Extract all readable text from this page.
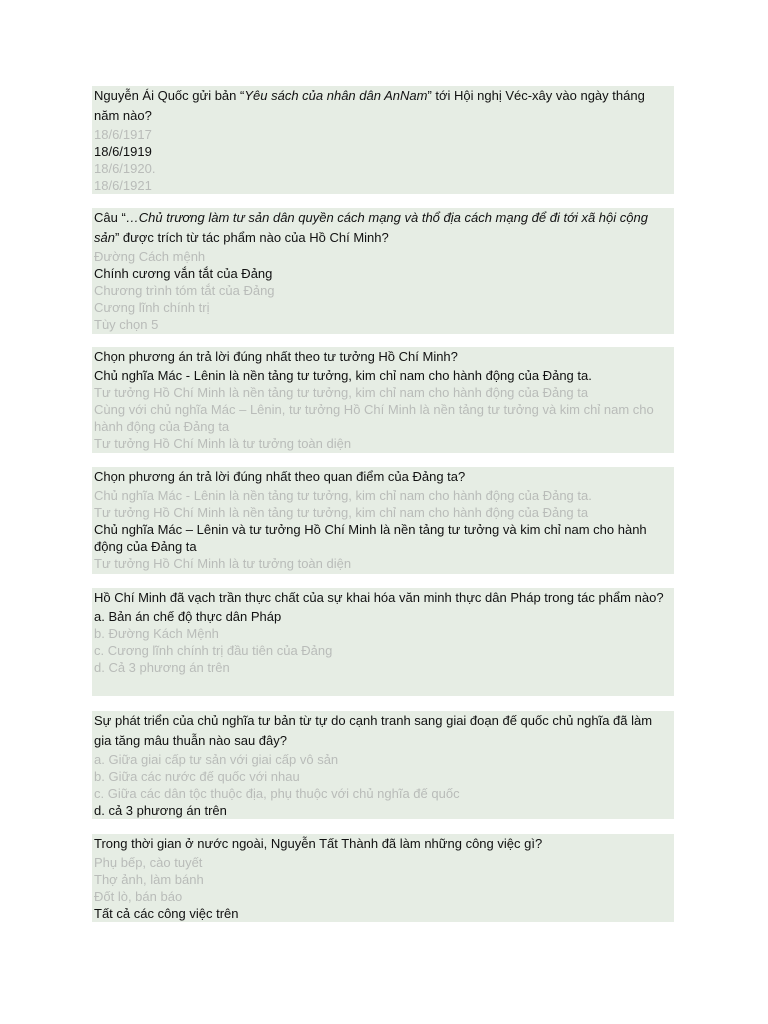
Nguyễn Ái Quốc gửi bản “Yêu sách của nhân dân AnNam” tới Hội nghị Véc-xây vào ngày tháng năm nào?

18/6/1917

18/6/1919

18/6/1920.

18/6/1921

Câu “…Chủ trương làm tư sản dân quyền cách mạng và thổ địa cách mạng để đi tới xã hội cộng sản” được trích từ tác phẩm nào của Hồ Chí Minh?

Đường Cách mệnh

Chính cương vắn tắt của Đảng

Chương trình tóm tắt của Đảng

Cương lĩnh chính trị

Tùy chọn 5

Chọn phương án trả lời đúng nhất theo tư tưởng Hồ Chí Minh?

Chủ nghĩa Mác - Lênin là nền tảng tư tưởng, kim chỉ nam cho hành động của Đảng ta.

Tư tưởng Hồ Chí Minh là nền tảng tư tưởng, kim chỉ nam cho hành động của Đảng ta

Cùng với chủ nghĩa Mác – Lênin, tư tưởng Hồ Chí Minh là nền tảng tư tưởng và kim chỉ nam cho hành động của Đảng ta

Tư tưởng Hồ Chí Minh là tư tưởng toàn diện

Chọn phương án trả lời đúng nhất theo quan điểm của Đảng ta?

Chủ nghĩa Mác - Lênin là nền tảng tư tưởng, kim chỉ nam cho hành động của Đảng ta.

Tư tưởng Hồ Chí Minh là nền tảng tư tưởng, kim chỉ nam cho hành động của Đảng ta

Chủ nghĩa Mác – Lênin và tư tưởng Hồ Chí Minh là nền tảng tư tưởng và kim chỉ nam cho hành động của Đảng ta

Tư tưởng Hồ Chí Minh là tư tưởng toàn diện

Hồ Chí Minh đã vạch trần thực chất của sự khai hóa văn minh thực dân Pháp trong tác phẩm nào?

a. Bản án chế độ thực dân Pháp

b. Đường Kách Mệnh

c. Cương lĩnh chính trị đầu tiên của Đảng

d. Cả 3 phương án trên

Sự phát triển của chủ nghĩa tư bản từ tự do cạnh tranh sang giai đoạn đế quốc chủ nghĩa đã làm gia tăng mâu thuẫn nào sau đây?

a. Giữa giai cấp tư sản với giai cấp vô sản

b. Giữa các nước đế quốc với nhau

c. Giữa các dân tộc thuộc địa, phụ thuộc với chủ nghĩa đế quốc

d. cả 3 phương án trên

Trong thời gian ở nước ngoài, Nguyễn Tất Thành đã làm những công việc gì?

Phụ bếp, cào tuyết

Thợ ảnh, làm bánh

Đốt lò, bán báo

Tất cả các công việc trên
